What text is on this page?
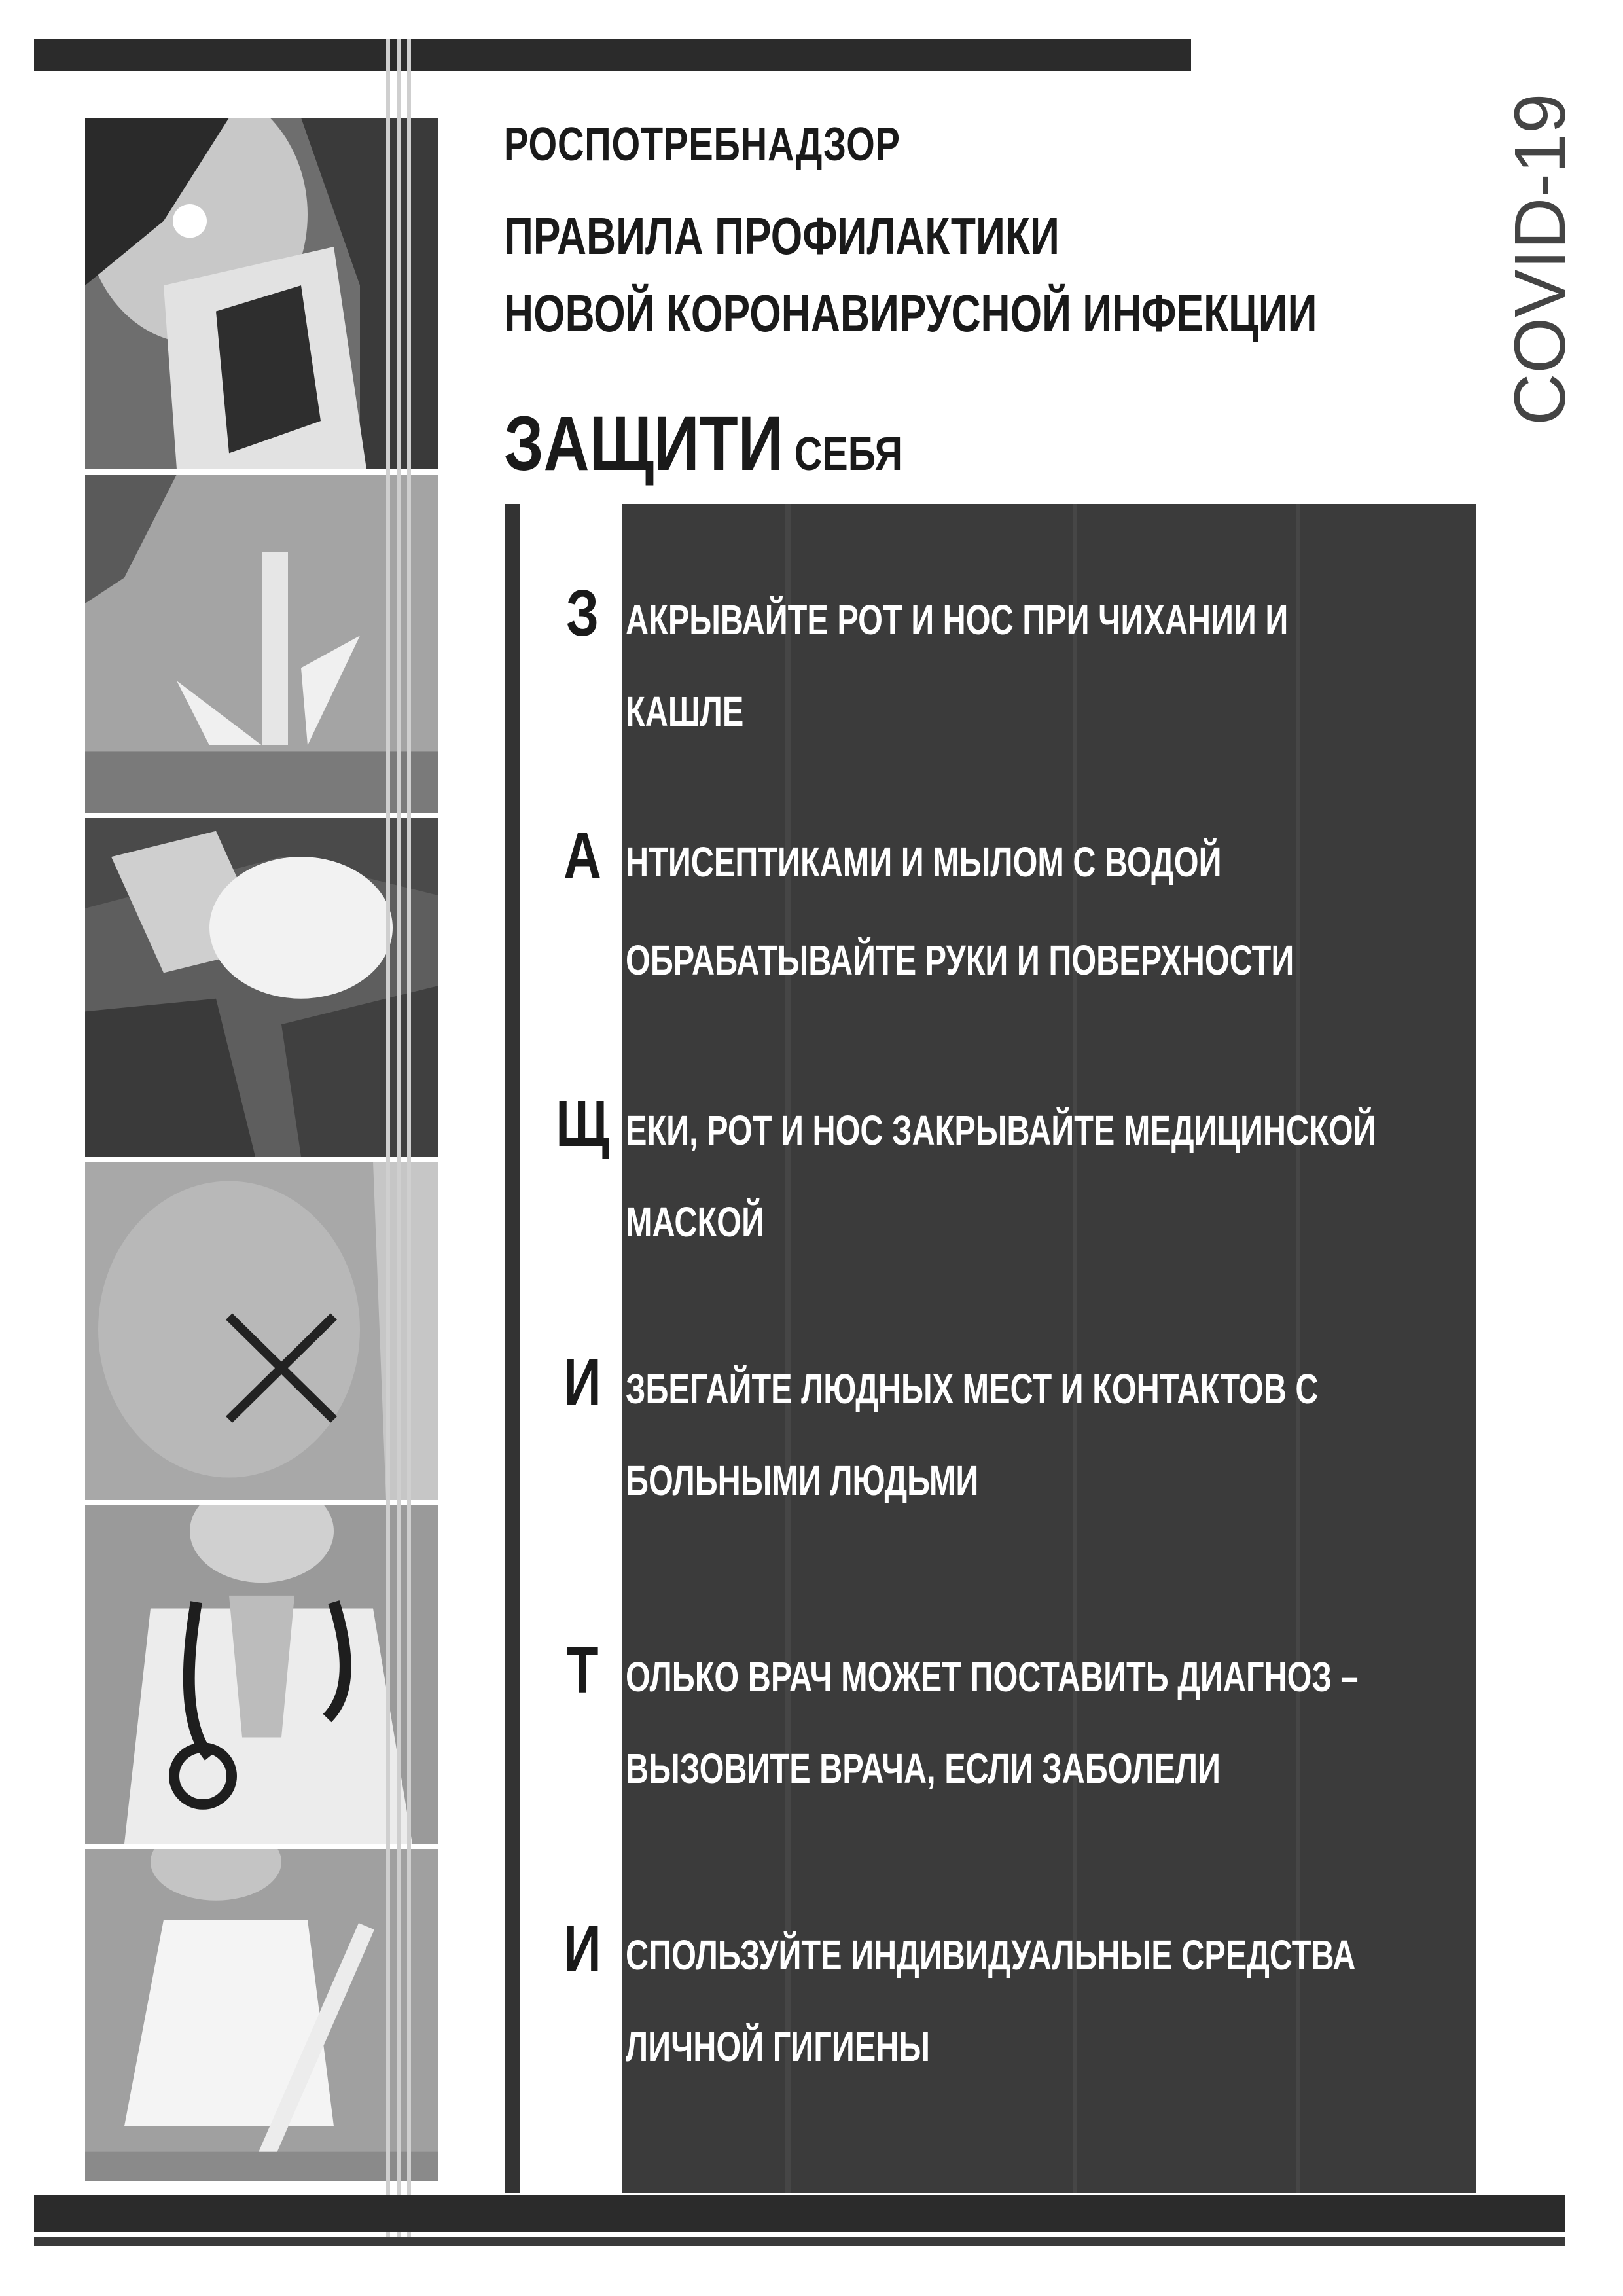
РОСПОТРЕБНАДЗОР
ПРАВИЛА ПРОФИЛАКТИКИ
НОВОЙ КОРОНАВИРУСНОЙ ИНФЕКЦИИ
ЗАЩИТИ СЕБЯ
COVID-19
З АКРЫВАЙТЕ РОТ И НОС ПРИ ЧИХАНИИ И
КАШЛЕ
А НТИСЕПТИКАМИ И МЫЛОМ С ВОДОЙ
ОБРАБАТЫВАЙТЕ РУКИ И ПОВЕРХНОСТИ
Щ ЕКИ, РОТ И НОС ЗАКРЫВАЙТЕ МЕДИЦИНСКОЙ
МАСКОЙ
И ЗБЕГАЙТЕ ЛЮДНЫХ МЕСТ И КОНТАКТОВ С
БОЛЬНЫМИ ЛЮДЬМИ
Т ОЛЬКО ВРАЧ МОЖЕТ ПОСТАВИТЬ ДИАГНОЗ –
ВЫЗОВИТЕ ВРАЧА, ЕСЛИ ЗАБОЛЕЛИ
И СПОЛЬЗУЙТЕ ИНДИВИДУАЛЬНЫЕ СРЕДСТВА
ЛИЧНОЙ ГИГИЕНЫ
